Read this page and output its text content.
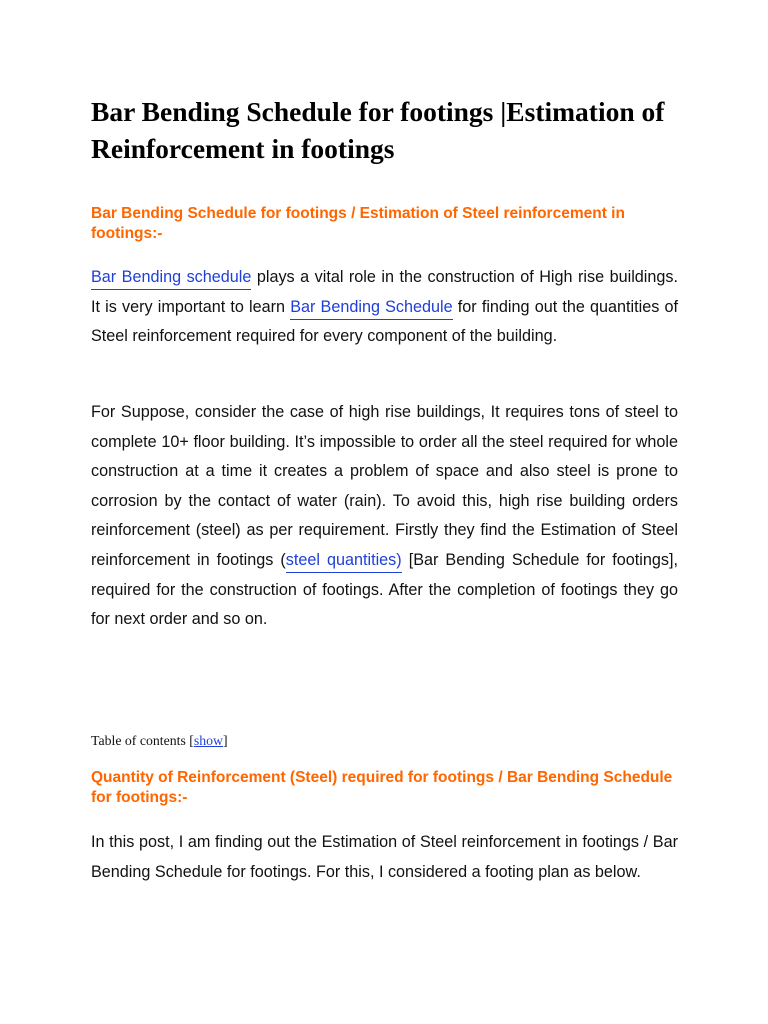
Bar Bending Schedule for footings |Estimation of Reinforcement in footings
Bar Bending Schedule for footings / Estimation of Steel reinforcement in footings:-

Bar Bending schedule plays a vital role in the construction of High rise buildings. It is very important to learn Bar Bending Schedule for finding out the quantities of Steel reinforcement required for every component of the building.

For Suppose, consider the case of high rise buildings, It requires tons of steel to complete 10+ floor building. It’s impossible to order all the steel required for whole construction at a time it creates a problem of space and also steel is prone to corrosion by the contact of water (rain). To avoid this, high rise building orders reinforcement (steel) as per requirement. Firstly they find the Estimation of Steel reinforcement in footings (steel quantities) [Bar Bending Schedule for footings], required for the construction of footings. After the completion of footings they go for next order and so on.

Table of contents [show]

Quantity of Reinforcement (Steel) required for footings / Bar Bending Schedule for footings:-

In this post, I am finding out the Estimation of Steel reinforcement in footings / Bar Bending Schedule for footings. For this, I considered a footing plan as below.
